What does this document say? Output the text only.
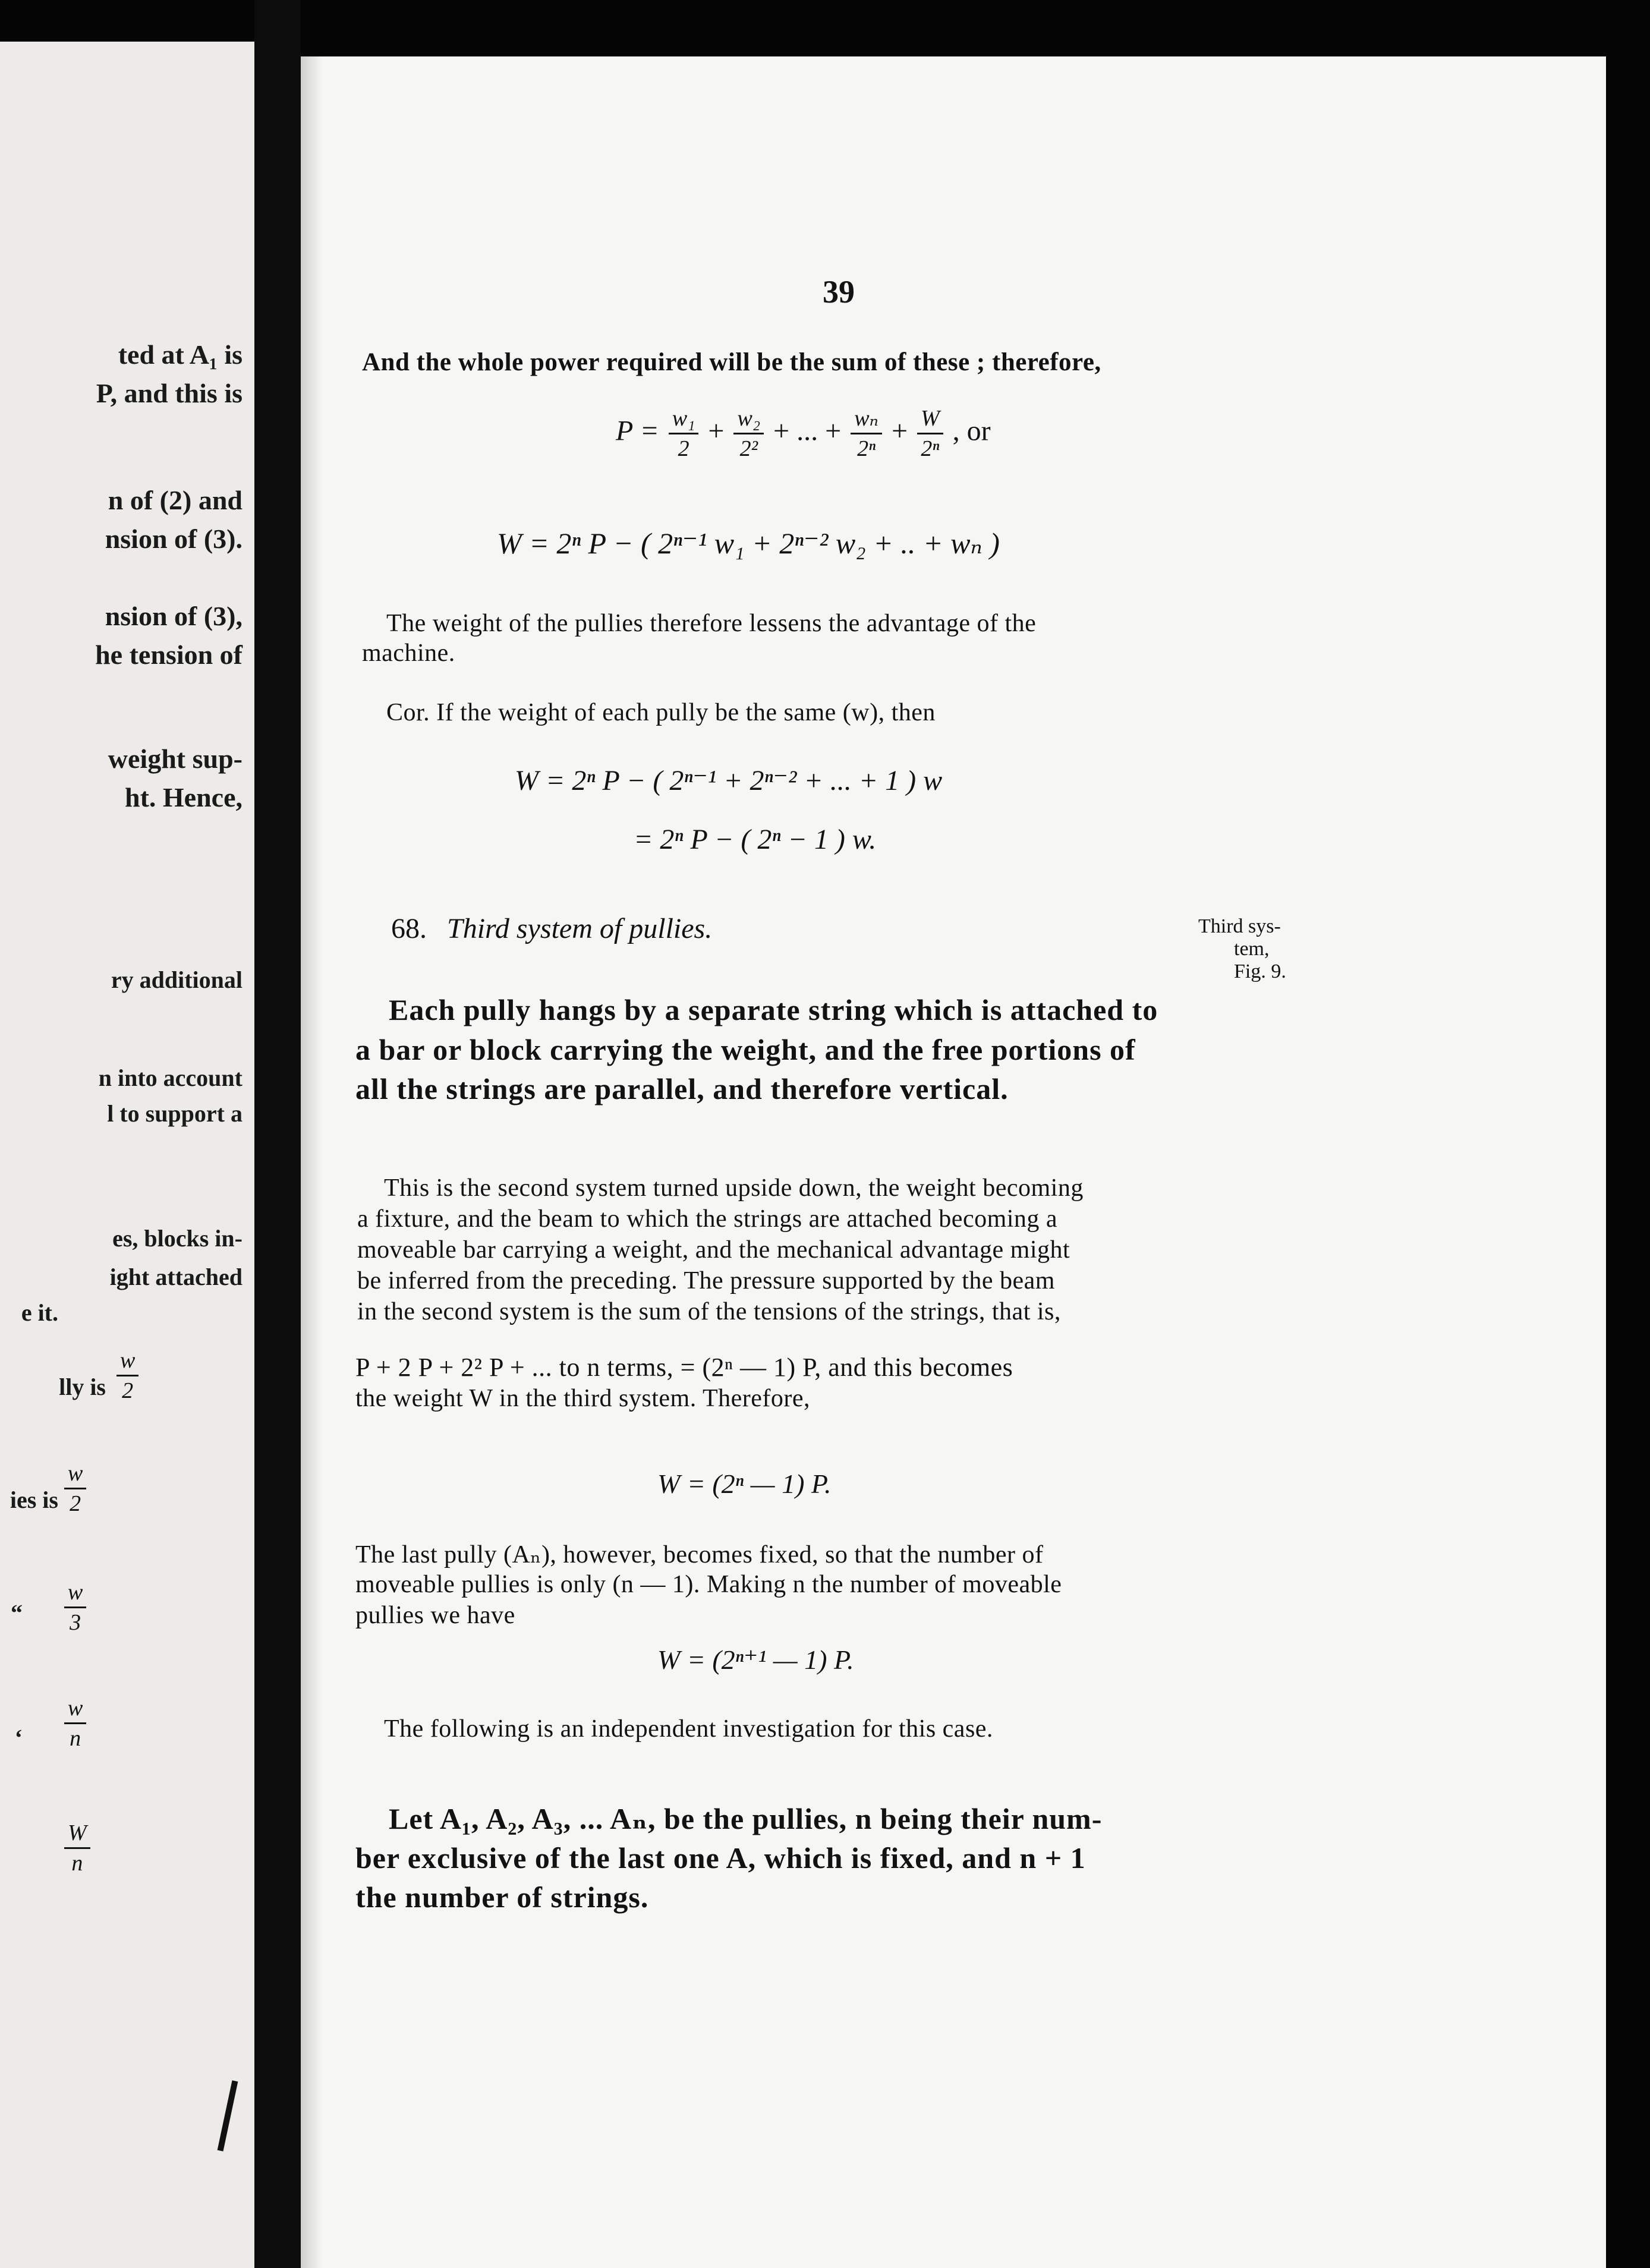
ted at A₁ is
P, and this is
n of (2) and
nsion of (3).
nsion of (3),
he tension of
weight sup-
ht. Hence,
ry additional
n into account
l to support a
es, blocks in-
ight attached
e it.
lly is $\frac{w}{2}$
ies is $\frac{w}{2}$
“	$\frac{w}{3}$
‘	$\frac{w}{n}$
$\frac{W}{n}$
39
And the whole power required will be the sum of these ; therefore,
$P = \frac{\text{w₁}}{2} + \frac{\text{w₂}}{\text{2²}}$ + ... + $\frac{\text{wₙ}}{\text{2ⁿ}} + \frac{W}{\text{2ⁿ}}$ , or
W = 2ⁿ P − ( 2ⁿ⁻¹ w₁ + 2ⁿ⁻² w₂ + .. + wₙ )
The weight of the pullies therefore lessens the advantage of the
machine.
Cor. If the weight of each pully be the same (w), then
W = 2ⁿ P − ( 2ⁿ⁻¹ + 2ⁿ⁻² + ... + 1 ) w
= 2ⁿ P − ( 2ⁿ − 1 ) w.
68. Third system of pullies.	Third sys-
tem,
Fig. 9.
Each pully hangs by a separate string which is attached to
a bar or block carrying the weight, and the free portions of
all the strings are parallel, and therefore vertical.
This is the second system turned upside down, the weight becoming
a fixture, and the beam to which the strings are attached becoming a
moveable bar carrying a weight, and the mechanical advantage might
be inferred from the preceding. The pressure supported by the beam
in the second system is the sum of the tensions of the strings, that is,
P + 2 P + 2² P + ... to n terms, = (2ⁿ — 1) P, and this becomes
the weight W in the third system. Therefore,
W = (2ⁿ — 1) P.
The last pully (Aₙ), however, becomes fixed, so that the number of
moveable pullies is only (n — 1). Making n the number of moveable
pullies we have
W = (2ⁿ⁺¹ — 1) P.
The following is an independent investigation for this case.
Let A₁, A₂, A₃, ... Aₙ, be the pullies, n being their num-
ber exclusive of the last one A, which is fixed, and n + 1
the number of strings.
